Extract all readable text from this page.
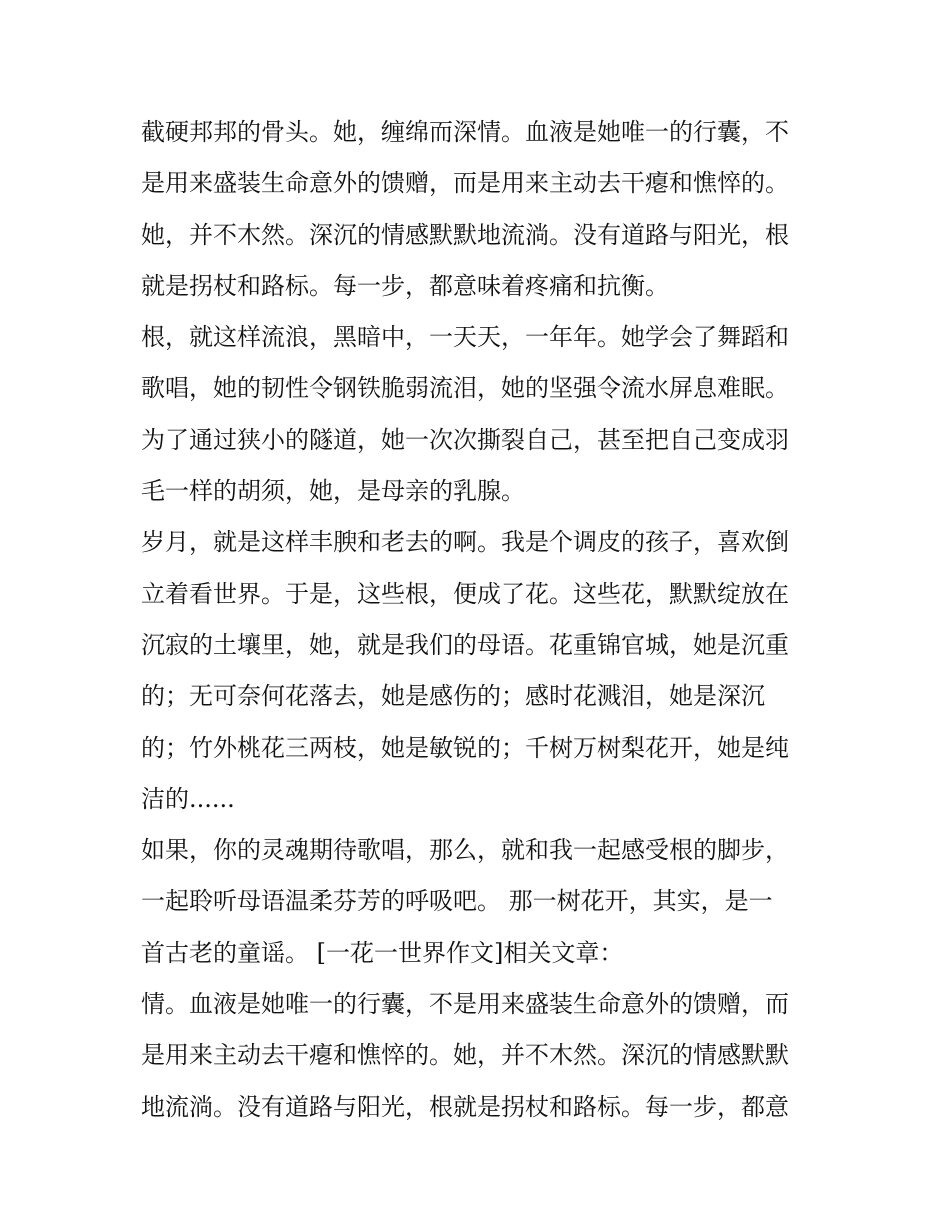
截硬邦邦的骨头。她，缠绵而深情。血液是她唯一的行囊，不

是用来盛装生命意外的馈赠，而是用来主动去干瘪和憔悴的。

她，并不木然。深沉的情感默默地流淌。没有道路与阳光，根

就是拐杖和路标。每一步，都意味着疼痛和抗衡。

根，就这样流浪，黑暗中，一天天，一年年。她学会了舞蹈和

歌唱，她的韧性令钢铁脆弱流泪，她的坚强令流水屏息难眠。

为了通过狭小的隧道，她一次次撕裂自己，甚至把自己变成羽

毛一样的胡须，她，是母亲的乳腺。

岁月，就是这样丰腴和老去的啊。我是个调皮的孩子，喜欢倒

立着看世界。于是，这些根，便成了花。这些花，默默绽放在

沉寂的土壤里，她，就是我们的母语。花重锦官城，她是沉重

的；无可奈何花落去，她是感伤的；感时花溅泪，她是深沉

的；竹外桃花三两枝，她是敏锐的；千树万树梨花开，她是纯

洁的......

如果，你的灵魂期待歌唱，那么，就和我一起感受根的脚步，

一起聆听母语温柔芬芳的呼吸吧。 那一树花开，其实，是一

首古老的童谣。 [一花一世界作文]相关文章：

情。血液是她唯一的行囊，不是用来盛装生命意外的馈赠，而

是用来主动去干瘪和憔悴的。她，并不木然。深沉的情感默默

地流淌。没有道路与阳光，根就是拐杖和路标。每一步，都意
